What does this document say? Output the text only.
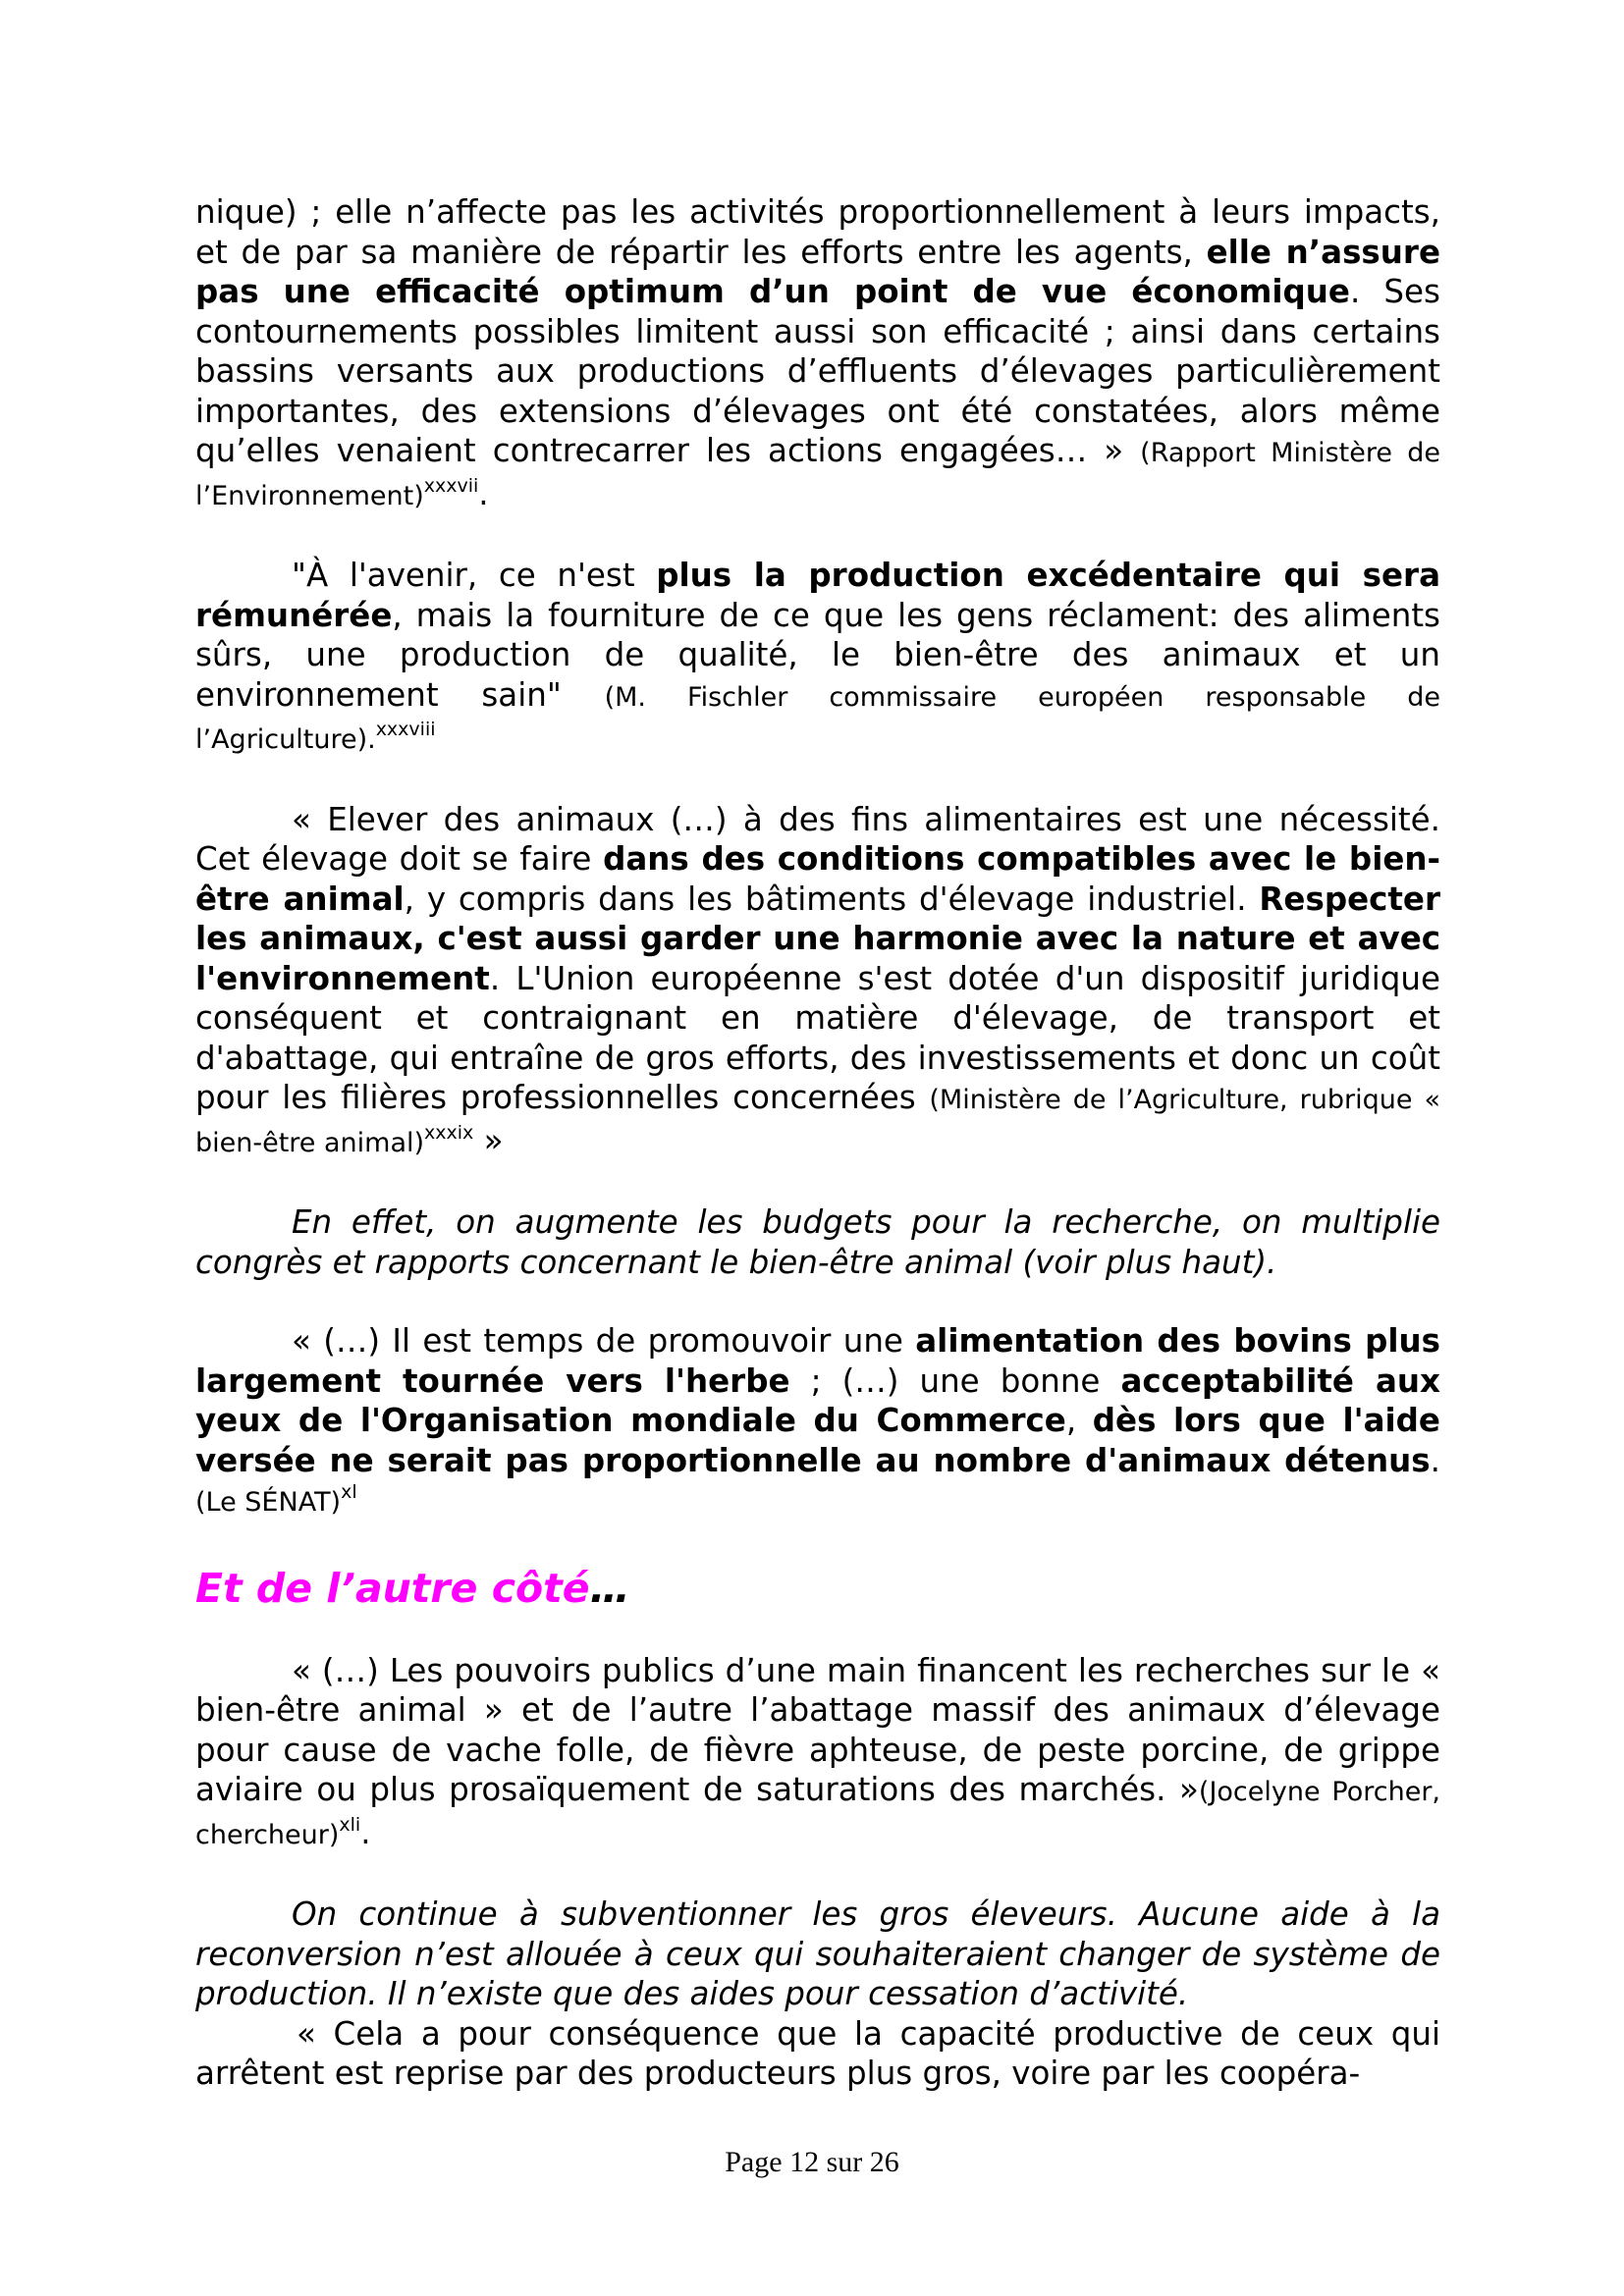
nique) ; elle n’affecte pas les activités proportionnellement à leurs impacts, et de par sa manière de répartir les efforts entre les agents, elle n’assure pas une efficacité optimum d’un point de vue économique. Ses contournements possibles limitent aussi son efficacité ; ainsi dans certains bassins versants aux productions d’effluents d’élevages particulièrement importantes, des extensions d’élevages ont été constatées, alors même qu’elles venaient contrecarrer les actions engagées… » (Rapport Ministère de l’Environnement)$^{xxxvii}$.

"À l'avenir, ce n'est plus la production excédentaire qui sera rémunérée, mais la fourniture de ce que les gens réclament: des aliments sûrs, une production de qualité, le bien-être des animaux et un environnement sain" (M. Fischler commissaire européen responsable de l’Agriculture).$^{xxxviii}$

« Elever des animaux (…) à des fins alimentaires est une nécessité. Cet élevage doit se faire dans des conditions compatibles avec le bien-être animal, y compris dans les bâtiments d'élevage industriel. Respecter les animaux, c'est aussi garder une harmonie avec la nature et avec l'environnement. L'Union européenne s'est dotée d'un dispositif juridique conséquent et contraignant en matière d'élevage, de transport et d'abattage, qui entraîne de gros efforts, des investissements et donc un coût pour les filières professionnelles concernées (Ministère de l’Agriculture, rubrique « bien-être animal)$^{xxxix}$ »

En effet, on augmente les budgets pour la recherche, on multiplie congrès et rapports concernant le bien-être animal (voir plus haut).

« (…) Il est temps de promouvoir une alimentation des bovins plus largement tournée vers l'herbe ; (…) une bonne acceptabilité aux yeux de l'Organisation mondiale du Commerce, dès lors que l'aide versée ne serait pas proportionnelle au nombre d'animaux détenus. (Le SÉNAT)$^{xl}$

Et de l’autre côté…

« (…) Les pouvoirs publics d’une main financent les recherches sur le « bien-être animal » et de l’autre l’abattage massif des animaux d’élevage pour cause de vache folle, de fièvre aphteuse, de peste porcine, de grippe aviaire ou plus prosaïquement de saturations des marchés. »(Jocelyne Porcher, chercheur)$^{xli}$.

On continue à subventionner les gros éleveurs. Aucune aide à la reconversion n’est allouée à ceux qui souhaiteraient changer de système de production. Il n’existe que des aides pour cessation d’activité.

« Cela a pour conséquence que la capacité productive de ceux qui arrêtent est reprise par des producteurs plus gros, voire par les coopéra-

Page 12 sur 26
